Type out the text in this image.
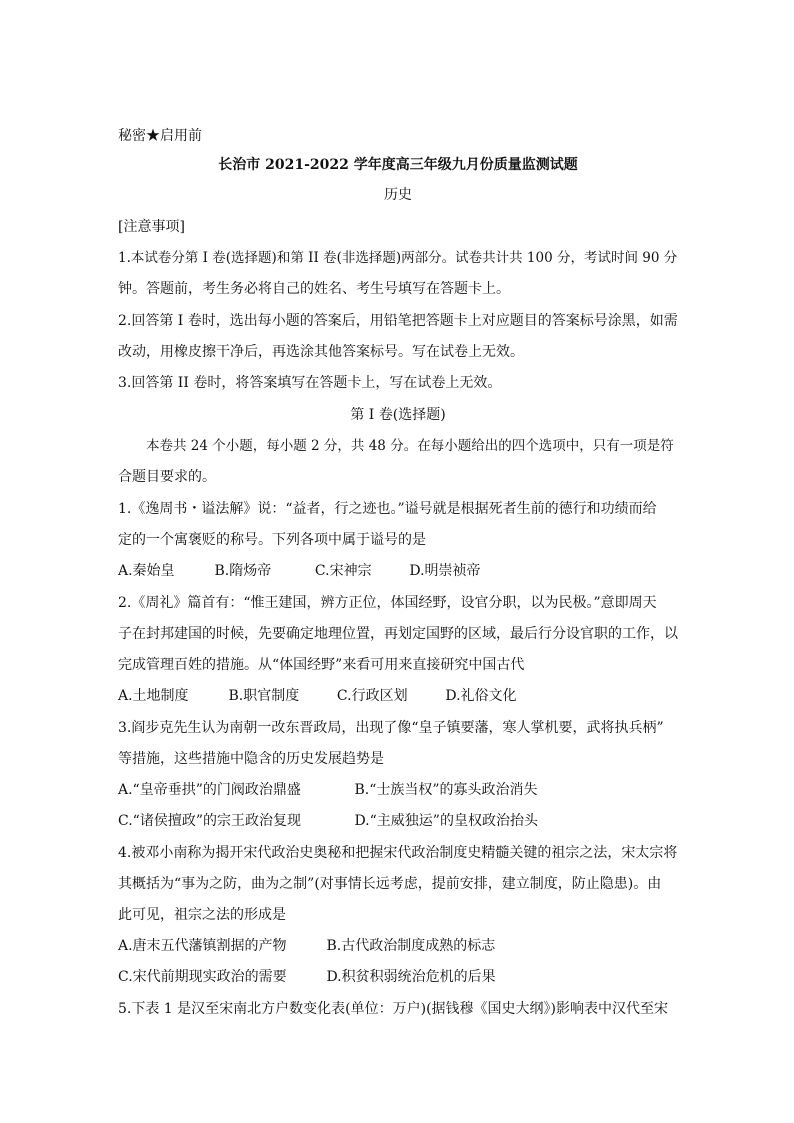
秘密★启用前
长治市 2021-2022 学年度高三年级九月份质量监测试题
历史
[注意事项]
1.本试卷分第 I 卷(选择题)和第 II 卷(非选择题)两部分。试卷共计共 100 分，考试时间 90 分
钟。答题前，考生务必将自己的姓名、考生号填写在答题卡上。
2.回答第 I 卷时，选出每小题的答案后，用铅笔把答题卡上对应题目的答案标号涂黑，如需
改动，用橡皮擦干净后，再选涂其他答案标号。写在试卷上无效。
3.回答第 II 卷时，将答案填写在答题卡上，写在试卷上无效。
第 I 卷(选择题)
本卷共 24 个小题，每小题 2 分，共 48 分。在每小题给出的四个选项中，只有一项是符
合题目要求的。
1.《逸周书・谥法解》说：“益者，行之迹也。”谥号就是根据死者生前的德行和功绩而给
定的一个寓褒贬的称号。下列各项中属于谥号的是
A.秦始皇	B.隋炀帝	C.宋神宗	D.明崇祯帝
2.《周礼》篇首有：“惟王建国，辨方正位，体国经野，设官分职，以为民极。”意即周天
子在封邦建国的时候，先要确定地理位置，再划定国野的区域，最后行分设官职的工作，以
完成管理百姓的措施。从“体国经野”来看可用来直接研究中国古代
A.土地制度	B.职官制度	C.行政区划	D.礼俗文化
3.阎步克先生认为南朝一改东晋政局，出现了像“皇子镇要藩，寒人掌机要，武将执兵柄”
等措施，这些措施中隐含的历史发展趋势是
A.“皇帝垂拱”的门阀政治鼎盛	B.“士族当权”的寡头政治消失
C.“诸侯擅政”的宗王政治复现	D.“主威独运”的皇权政治抬头
4.被邓小南称为揭开宋代政治史奥秘和把握宋代政治制度史精髓关键的祖宗之法，宋太宗将
其概括为“事为之防，曲为之制”(对事情长远考虑，提前安排，建立制度，防止隐患)。由
此可见，祖宗之法的形成是
A.唐末五代藩镇割据的产物	B.古代政治制度成熟的标志
C.宋代前期现实政治的需要	D.积贫积弱统治危机的后果
5.下表 1 是汉至宋南北方户数变化表(单位：万户)(据钱穆《国史大纲》)影响表中汉代至宋
